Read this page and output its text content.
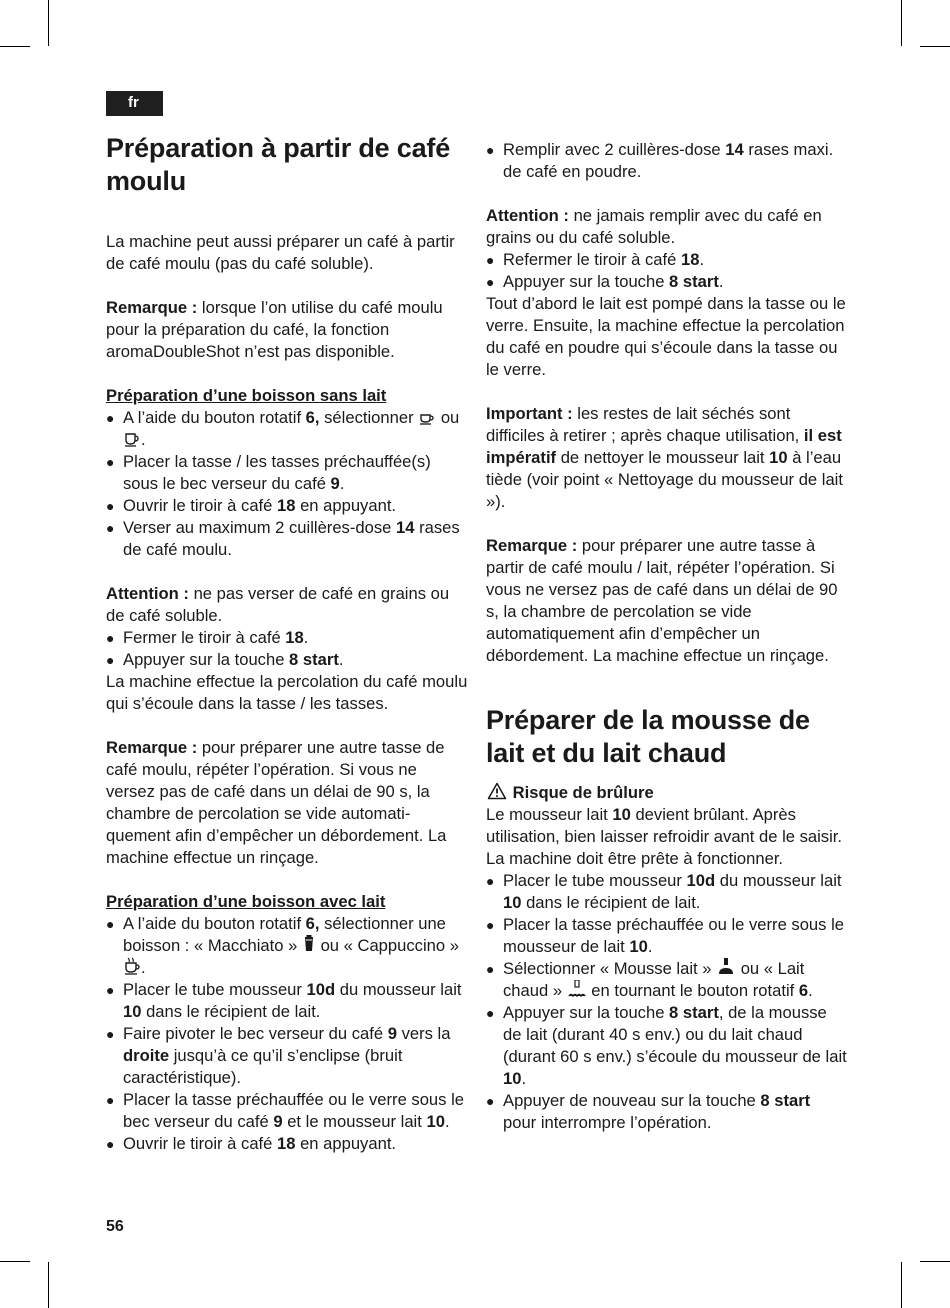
fr
Préparation à partir de café moulu

La machine peut aussi préparer un café à partir de café moulu (pas du café soluble).

Remarque : lorsque l’on utilise du café moulu pour la préparation du café, la fonction aromaDoubleShot n’est pas disponible.

Préparation d’une boisson sans lait

● A l’aide du bouton rotatif 6, sélectionner  ou .
● Placer la tasse / les tasses préchauffée(s) sous le bec verseur du café 9.
● Ouvrir le tiroir à café 18 en appuyant.
● Verser au maximum 2 cuillères-dose 14 rases de café moulu.

Attention : ne pas verser de café en grains ou de café soluble.

● Fermer le tiroir à café 18.
● Appuyer sur la touche 8 start.

La machine effectue la percolation du café moulu qui s’écoule dans la tasse / les tasses.

Remarque : pour préparer une autre tasse de café moulu, répéter l’opération. Si vous ne versez pas de café dans un délai de 90 s, la chambre de percolation se vide automatiquement afin d’empêcher un débordement. La machine effectue un rinçage.

Préparation d’une boisson avec lait

● A l’aide du bouton rotatif 6, sélectionner une boisson : « Macchiato »  ou « Cappuccino » .
● Placer le tube mousseur 10d du mousseur lait 10 dans le récipient de lait.
● Faire pivoter le bec verseur du café 9 vers la droite jusqu’à ce qu’il s’enclipse (bruit caractéristique).
● Placer la tasse préchauffée ou le verre sous le bec verseur du café 9 et le mousseur lait 10.
● Ouvrir le tiroir à café 18 en appuyant.
● Remplir avec 2 cuillères-dose 14 rases maxi. de café en poudre.

Attention : ne jamais remplir avec du café en grains ou du café soluble.

● Refermer le tiroir à café 18.
● Appuyer sur la touche 8 start.

Tout d’abord le lait est pompé dans la tasse ou le verre. Ensuite, la machine effectue la percolation du café en poudre qui s’écoule dans la tasse ou le verre.

Important : les restes de lait séchés sont difficiles à retirer ; après chaque utilisation, il est impératif de nettoyer le mousseur lait 10 à l’eau tiède (voir point « Nettoyage du mousseur de lait »).

Remarque : pour préparer une autre tasse à partir de café moulu / lait, répéter l’opération. Si vous ne versez pas de café dans un délai de 90 s, la chambre de percolation se vide automatiquement afin d’empêcher un débordement. La machine effectue un rinçage.

Préparer de la mousse de lait et du lait chaud

Risque de brûlure

Le mousseur lait 10 devient brûlant. Après utilisation, bien laisser refroidir avant de le saisir.

La machine doit être prête à fonctionner.

● Placer le tube mousseur 10d du mousseur lait 10 dans le récipient de lait.
● Placer la tasse préchauffée ou le verre sous le mousseur de lait 10.
● Sélectionner « Mousse lait »  ou « Lait chaud »  en tournant le bouton rotatif 6.
● Appuyer sur la touche 8 start, de la mousse de lait (durant 40 s env.) ou du lait chaud (durant 60 s env.) s’écoule du mousseur de lait 10.
● Appuyer de nouveau sur la touche 8 start pour interrompre l’opération.
56
